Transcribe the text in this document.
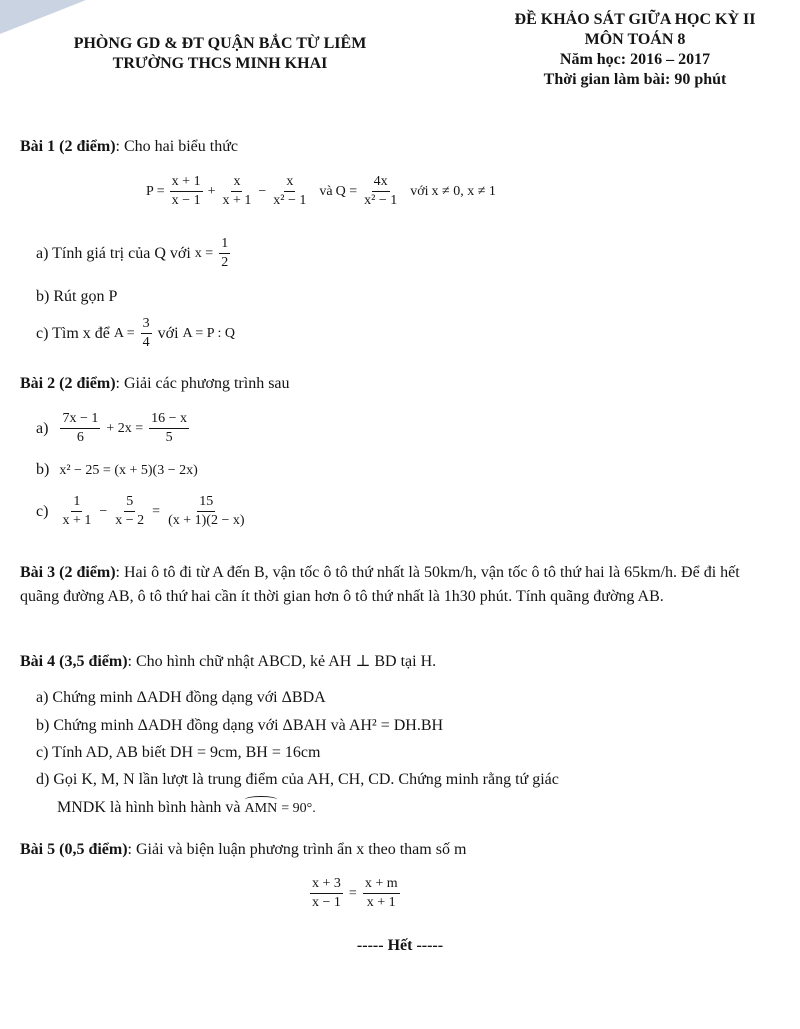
PHÒNG GD & ĐT QUẬN BẮC TỪ LIÊM
TRƯỜNG THCS MINH KHAI
ĐỀ KHẢO SÁT GIỮA HỌC KỲ II
MÔN TOÁN 8
Năm học: 2016 – 2017
Thời gian làm bài: 90 phút
Bài 1 (2 điểm): Cho hai biểu thức
$P = \frac{x + 1}{x - 1} + \frac{x}{x + 1} - \frac{x}{\text{x² − 1}}$ và $Q = \frac{4x}{\text{x² − 1}}$ với x ≠ 0, x ≠ 1
a) Tính giá trị của Q với $x = \frac{1}{2}$
b) Rút gọn P
c) Tìm x để $A = \frac{3}{4}$ với A = P : Q
Bài 2 (2 điểm): Giải các phương trình sau
$a) \frac{7x - 1}{6} + 2x = \frac{16 - x}{5}$
b) x² − 25 = (x + 5)(3 − 2x)
$c) \frac{1}{x + 1} - \frac{5}{x - 2} = \frac{15}{(x + 1)(2 - x)}$
Bài 3 (2 điểm): Hai ô tô đi từ A đến B, vận tốc ô tô thứ nhất là 50km/h, vận tốc ô tô thứ hai là 65km/h. Để đi hết quãng đường AB, ô tô thứ hai cần ít thời gian hơn ô tô thứ nhất là 1h30 phút. Tính quãng đường AB.
Bài 4 (3,5 điểm): Cho hình chữ nhật ABCD, kẻ AH ⊥ BD tại H.
a) Chứng minh ΔADH đồng dạng với ΔBDA
b) Chứng minh ΔADH đồng dạng với ΔBAH và AH² = DH.BH
c) Tính AD, AB biết DH = 9cm, BH = 16cm
d) Gọi K, M, N lần lượt là trung điểm của AH, CH, CD. Chứng minh rằng tứ giác
MNDK là hình bình hành và AMN = 90°.
Bài 5 (0,5 điểm): Giải và biện luận phương trình ẩn x theo tham số m
$\frac{x + 3}{x - 1} = \frac{x + m}{x + 1}$
----- Hết -----
